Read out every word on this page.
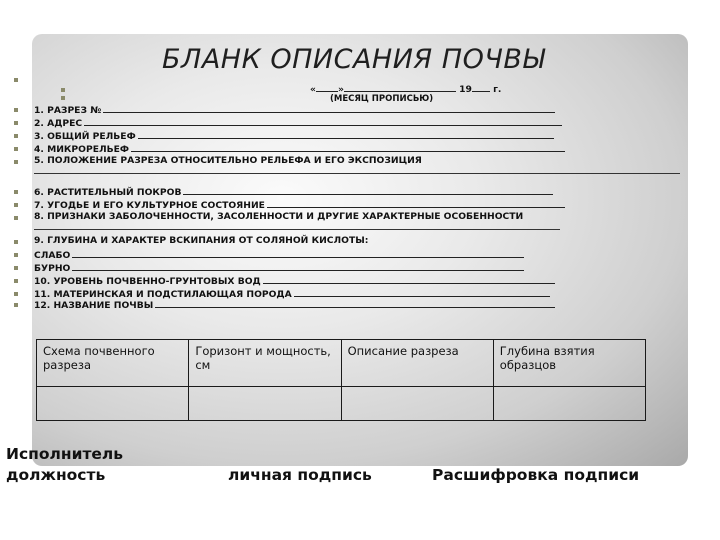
БЛАНК ОПИСАНИЯ ПОЧВЫ
« »	19 г.
(МЕСЯЦ ПРОПИСЬЮ)
1. РАЗРЕЗ №
2. АДРЕС
3. ОБЩИЙ РЕЛЬЕФ
4. МИКРОРЕЛЬЕФ
5. ПОЛОЖЕНИЕ РАЗРЕЗА ОТНОСИТЕЛЬНО РЕЛЬЕФА И ЕГО ЭКСПОЗИЦИЯ
6. РАСТИТЕЛЬНЫЙ ПОКРОВ
7. УГОДЬЕ И ЕГО КУЛЬТУРНОЕ СОСТОЯНИЕ
8. ПРИЗНАКИ ЗАБОЛОЧЕННОСТИ, ЗАСОЛЕННОСТИ И ДРУГИЕ ХАРАКТЕРНЫЕ ОСОБЕННОСТИ
9. ГЛУБИНА И ХАРАКТЕР ВСКИПАНИЯ ОТ СОЛЯНОЙ КИСЛОТЫ:
СЛАБО
БУРНО
10. УРОВЕНЬ ПОЧВЕННО-ГРУНТОВЫХ ВОД
11. МАТЕРИНСКАЯ И ПОДСТИЛАЮЩАЯ ПОРОДА
12. НАЗВАНИЕ ПОЧВЫ
Схема почвенного разреза	Горизонт и мощность, см	Описание разреза	Глубина взятия образцов

Исполнитель
должность	личная подпись	Расшифровка подписи
